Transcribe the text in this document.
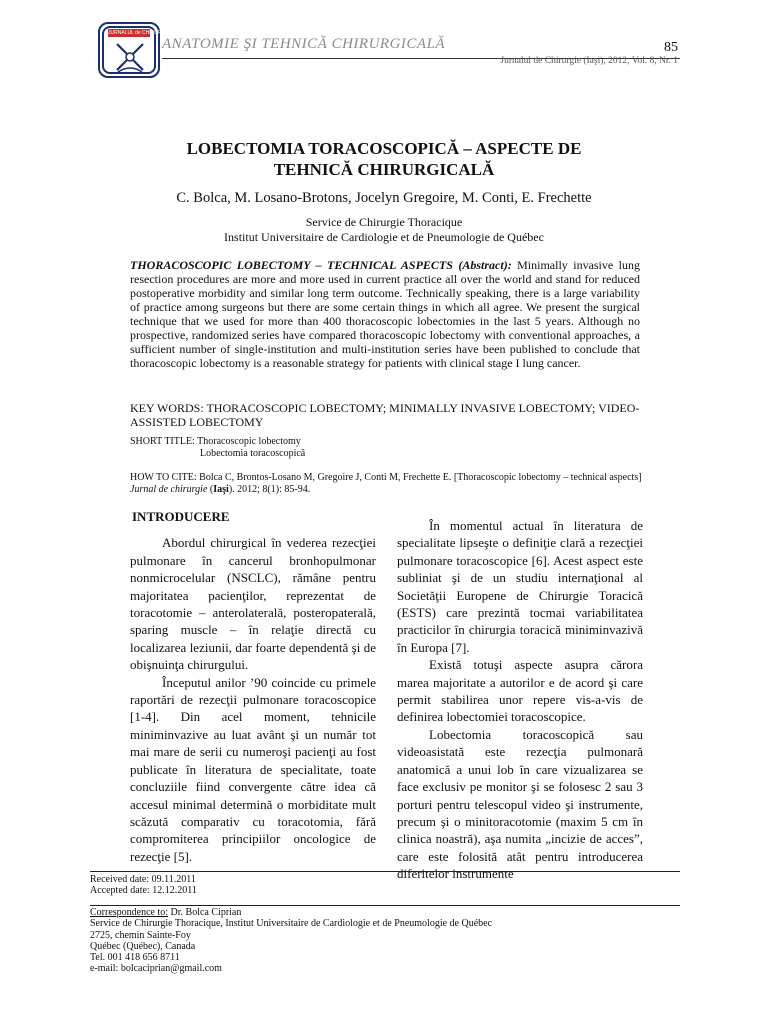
JURNALUL de CHIRURGIE
ANATOMIE ŞI TEHNICĂ CHIRURGICALĂ	85
Jurnalul de Chirurgie (Iaşi), 2012, Vol. 8, Nr. 1
LOBECTOMIA TORACOSCOPICĂ – ASPECTE DE
TEHNICĂ CHIRURGICALĂ
C. Bolca, M. Losano-Brotons, Jocelyn Gregoire, M. Conti, E. Frechette
Service de Chirurgie Thoracique
Institut Universitaire de Cardiologie et de Pneumologie de Québec
THORACOSCOPIC LOBECTOMY – TECHNICAL ASPECTS (Abstract): Minimally invasive lung resection procedures are more and more used in current practice all over the world and stand for reduced postoperative morbidity and similar long term outcome. Technically speaking, there is a large variability of practice among surgeons but there are some certain things in which all agree. We present the surgical technique that we used for more than 400 thoracoscopic lobectomies in the last 5 years. Although no prospective, randomized series have compared thoracoscopic lobectomy with conventional approaches, a sufficient number of single-institution and multi-institution series have been published to conclude that thoracoscopic lobectomy is a reasonable strategy for patients with clinical stage I lung cancer.
KEY WORDS: THORACOSCOPIC LOBECTOMY; MINIMALLY INVASIVE LOBECTOMY; VIDEO-ASSISTED LOBECTOMY
SHORT TITLE: Thoracoscopic lobectomy
Lobectomia toracoscopică
HOW TO CITE: Bolca C, Brontos-Losano M, Gregoire J, Conti M, Frechette E. [Thoracoscopic lobectomy – technical aspects] Jurnal de chirurgie (Iaşi). 2012; 8(1): 85-94.
INTRODUCERE

Abordul chirurgical în vederea rezecţiei pulmonare în cancerul bronhopulmonar nonmicrocelular (NSCLC), rămâne pentru majoritatea pacienţilor, reprezentat de toracotomie – anterolaterală, posteropaterală, sparing muscle – în relaţie directă cu localizarea leziunii, dar foarte dependentă şi de obişnuinţa chirurgului.

Începutul anilor ’90 coincide cu primele raportări de rezecţii pulmonare toracoscopice [1-4]. Din acel moment, tehnicile miniminvazive au luat avânt şi un număr tot mai mare de serii cu numeroşi pacienţi au fost publicate în literatura de specialitate, toate concluziile fiind convergente către idea că accesul minimal determină o morbiditate mult scăzută comparativ cu toracotomia, fără compromiterea principiilor oncologice de rezecţie [5].

În momentul actual în literatura de specialitate lipseşte o definiţie clară a rezecţiei pulmonare toracoscopice [6]. Acest aspect este subliniat şi de un studiu internaţional al Societăţii Europene de Chirurgie Toracică (ESTS) care prezintă tocmai variabilitatea practicilor în chirurgia toracică miniminvazivă în Europa [7].

Există totuşi aspecte asupra cărora marea majoritate a autorilor e de acord şi care permit stabilirea unor repere vis-a-vis de definirea lobectomiei toracoscopice.

Lobectomia toracoscopică sau videoasistată este rezecţia pulmonară anatomică a unui lob în care vizualizarea se face exclusiv pe monitor şi se folosesc 2 sau 3 porturi pentru telescopul video şi instrumente, precum şi o minitoracotomie (maxim 5 cm în clinica noastră), aşa numita „incizie de acces”, care este folosită atât pentru introducerea diferitelor instrumente

Received date: 09.11.2011
Accepted date: 12.12.2011
Correspondence to: Dr. Bolca Ciprian
Service de Chirurgie Thoracique, Institut Universitaire de Cardiologie et de Pneumologie de Québec
2725, chemin Sainte-Foy
Québec (Québec), Canada
Tel. 001 418 656 8711
e-mail: bolcaciprian@gmail.com
